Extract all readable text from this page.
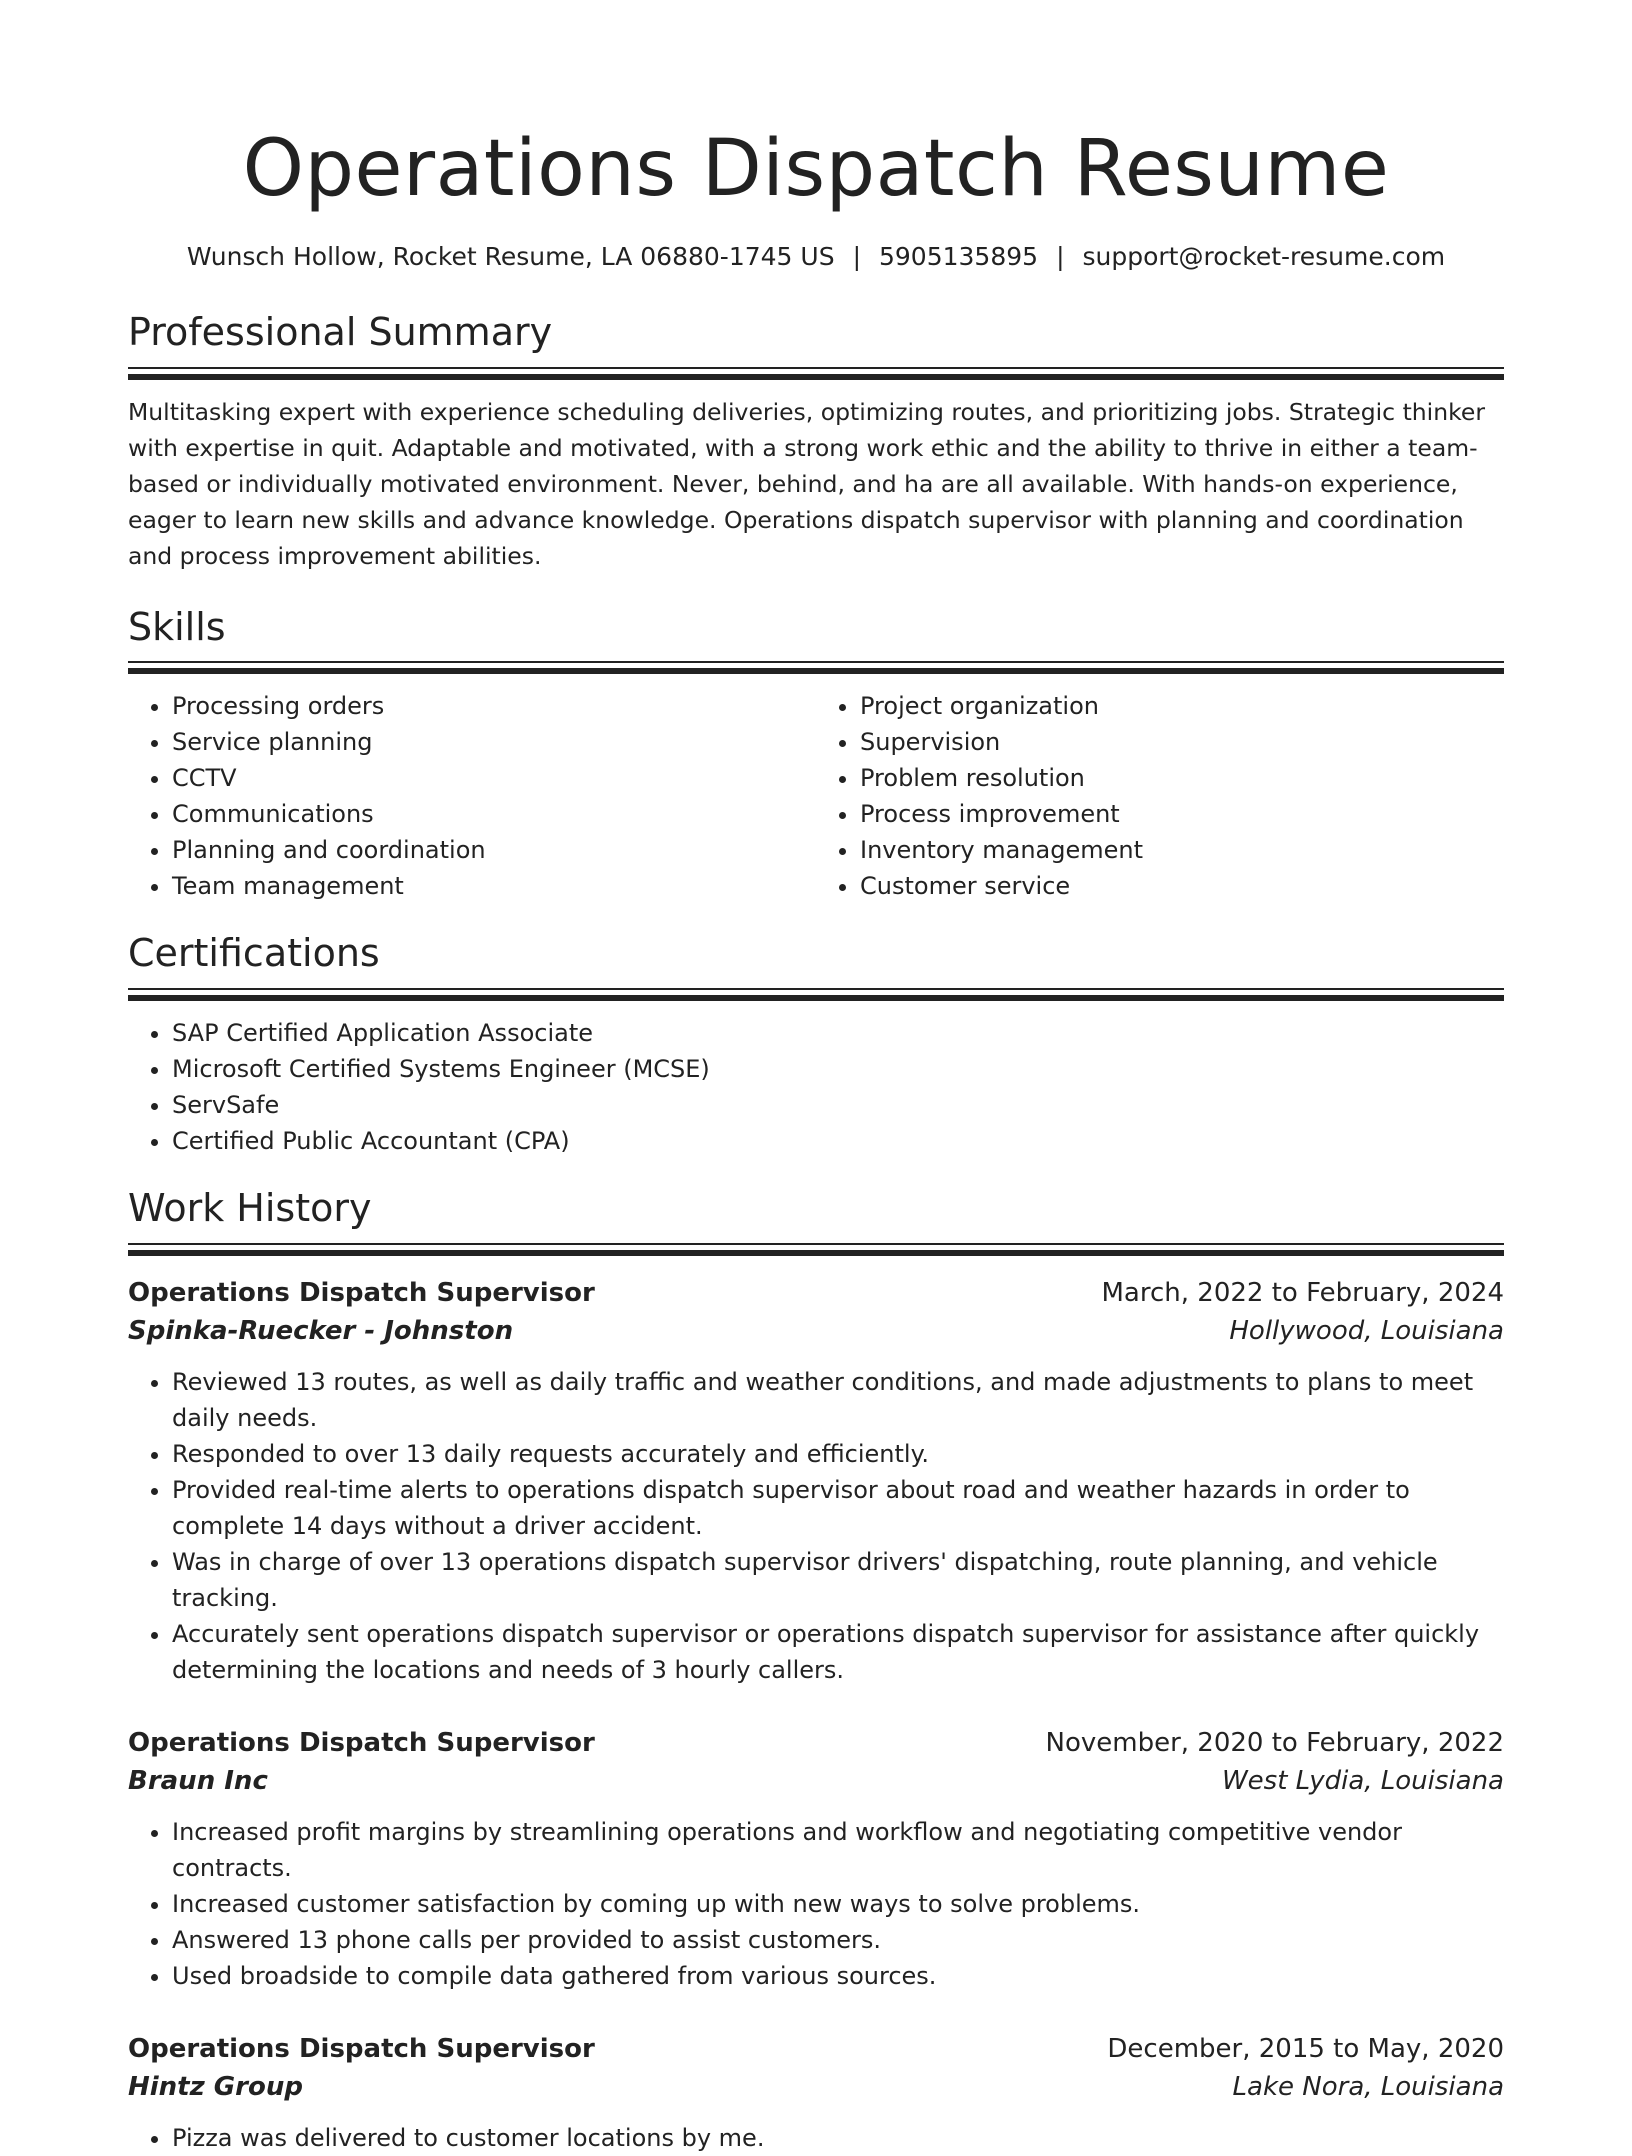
Operations Dispatch Resume
Wunsch Hollow, Rocket Resume, LA 06880-1745 US | 5905135895 | support@rocket-resume.com
Professional Summary

Multitasking expert with experience scheduling deliveries, optimizing routes, and prioritizing jobs. Strategic thinker with expertise in quit. Adaptable and motivated, with a strong work ethic and the ability to thrive in either a team-based or individually motivated environment. Never, behind, and ha are all available. With hands-on experience, eager to learn new skills and advance knowledge. Operations dispatch supervisor with planning and coordination and process improvement abilities.

Skills
• Processing orders
• Service planning
• CCTV
• Communications
• Planning and coordination
• Team management
• Project organization
• Supervision
• Problem resolution
• Process improvement
• Inventory management
• Customer service
Certifications
• SAP Certified Application Associate
• Microsoft Certified Systems Engineer (MCSE)
• ServSafe
• Certified Public Accountant (CPA)
Work History
Operations Dispatch Supervisor	March, 2022 to February, 2024
Spinka-Ruecker - Johnston	Hollywood, Louisiana
• Reviewed 13 routes, as well as daily traffic and weather conditions, and made adjustments to plans to meet daily needs.
• Responded to over 13 daily requests accurately and efficiently.
• Provided real-time alerts to operations dispatch supervisor about road and weather hazards in order to complete 14 days without a driver accident.
• Was in charge of over 13 operations dispatch supervisor drivers' dispatching, route planning, and vehicle tracking.
• Accurately sent operations dispatch supervisor or operations dispatch supervisor for assistance after quickly determining the locations and needs of 3 hourly callers.
Operations Dispatch Supervisor	November, 2020 to February, 2022
Braun Inc	West Lydia, Louisiana
• Increased profit margins by streamlining operations and workflow and negotiating competitive vendor contracts.
• Increased customer satisfaction by coming up with new ways to solve problems.
• Answered 13 phone calls per provided to assist customers.
• Used broadside to compile data gathered from various sources.
Operations Dispatch Supervisor	December, 2015 to May, 2020
Hintz Group	Lake Nora, Louisiana
• Pizza was delivered to customer locations by me.
